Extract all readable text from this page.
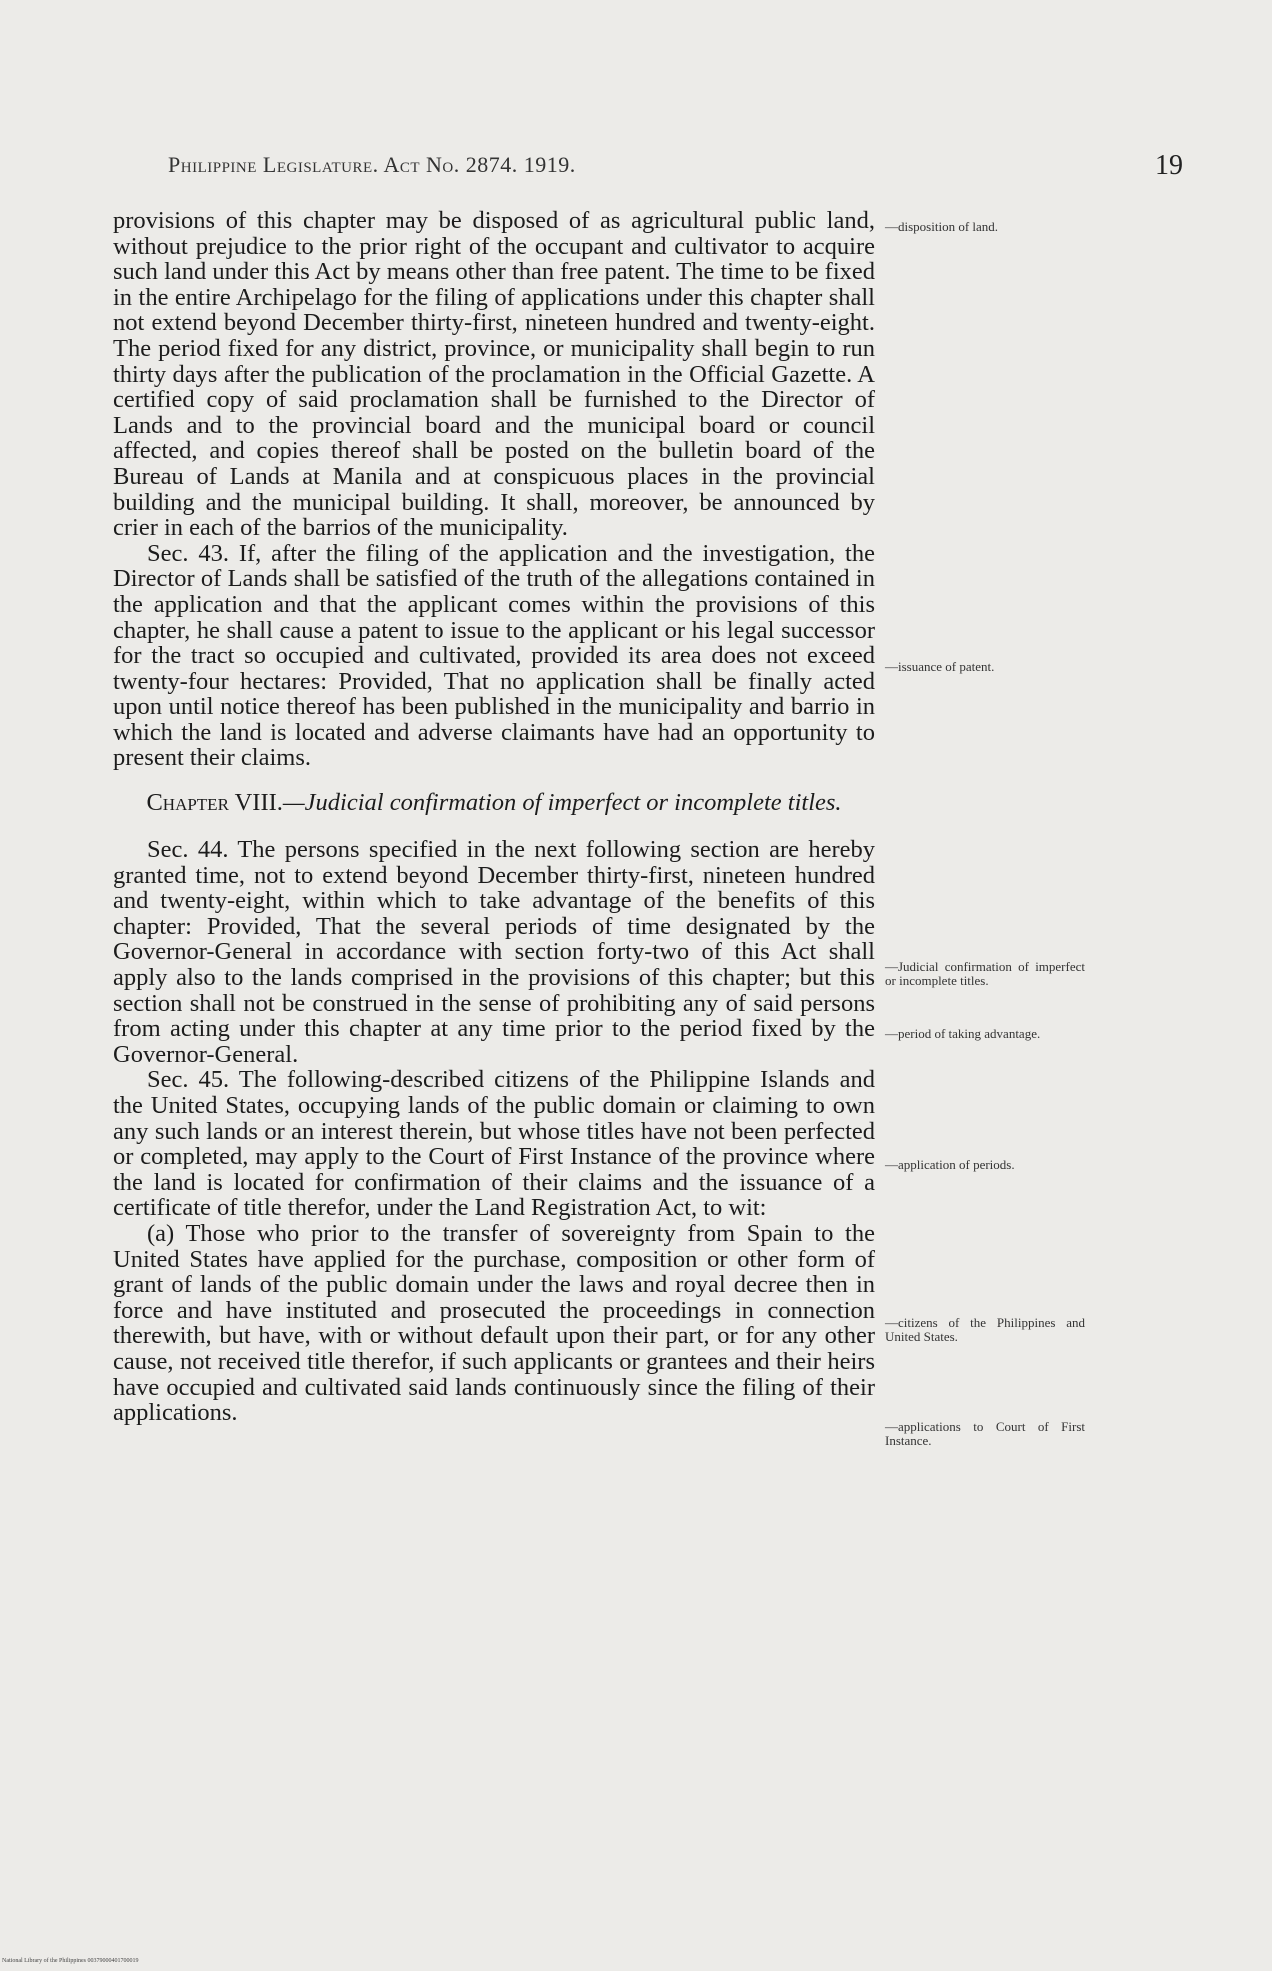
Philippine Legislature. Act No. 2874. 1919.	19

provisions of this chapter may be disposed of as agricultural public land, without prejudice to the prior right of the occupant and cultivator to acquire such land under this Act by means other than free patent. The time to be fixed in the entire Archipelago for the filing of applications under this chapter shall not extend beyond December thirty-first, nineteen hundred and twenty-eight. The period fixed for any district, province, or municipality shall begin to run thirty days after the publication of the proclamation in the Official Gazette. A certified copy of said proclamation shall be furnished to the Director of Lands and to the provincial board and the municipal board or council affected, and copies thereof shall be posted on the bulletin board of the Bureau of Lands at Manila and at conspicuous places in the provincial building and the municipal building. It shall, moreover, be announced by crier in each of the barrios of the municipality.

Sec. 43. If, after the filing of the application and the investigation, the Director of Lands shall be satisfied of the truth of the allegations contained in the application and that the applicant comes within the provisions of this chapter, he shall cause a patent to issue to the applicant or his legal successor for the tract so occupied and cultivated, provided its area does not exceed twenty-four hectares: Provided, That no application shall be finally acted upon until notice thereof has been published in the municipality and barrio in which the land is located and adverse claimants have had an opportunity to present their claims.

Chapter VIII.—Judicial confirmation of imperfect or incomplete titles.

Sec. 44. The persons specified in the next following section are hereby granted time, not to extend beyond December thirty-first, nineteen hundred and twenty-eight, within which to take advantage of the benefits of this chapter: Provided, That the several periods of time designated by the Governor-General in accordance with section forty-two of this Act shall apply also to the lands comprised in the provisions of this chapter; but this section shall not be construed in the sense of prohibiting any of said persons from acting under this chapter at any time prior to the period fixed by the Governor-General.

Sec. 45. The following-described citizens of the Philippine Islands and the United States, occupying lands of the public domain or claiming to own any such lands or an interest therein, but whose titles have not been perfected or completed, may apply to the Court of First Instance of the province where the land is located for confirmation of their claims and the issuance of a certificate of title therefor, under the Land Registration Act, to wit:

(a) Those who prior to the transfer of sovereignty from Spain to the United States have applied for the purchase, composition or other form of grant of lands of the public domain under the laws and royal decree then in force and have instituted and prosecuted the proceedings in connection therewith, but have, with or without default upon their part, or for any other cause, not received title therefor, if such applicants or grantees and their heirs have occupied and cultivated said lands continuously since the filing of their applications.

—disposition of land.
—issuance of patent.
—Judicial confirmation of imperfect or incomplete titles.
—period of taking advantage.
—application of periods.
—citizens of the Philippines and United States.
—applications to Court of First Instance.
National Library of the Philippines 00379000401700019
